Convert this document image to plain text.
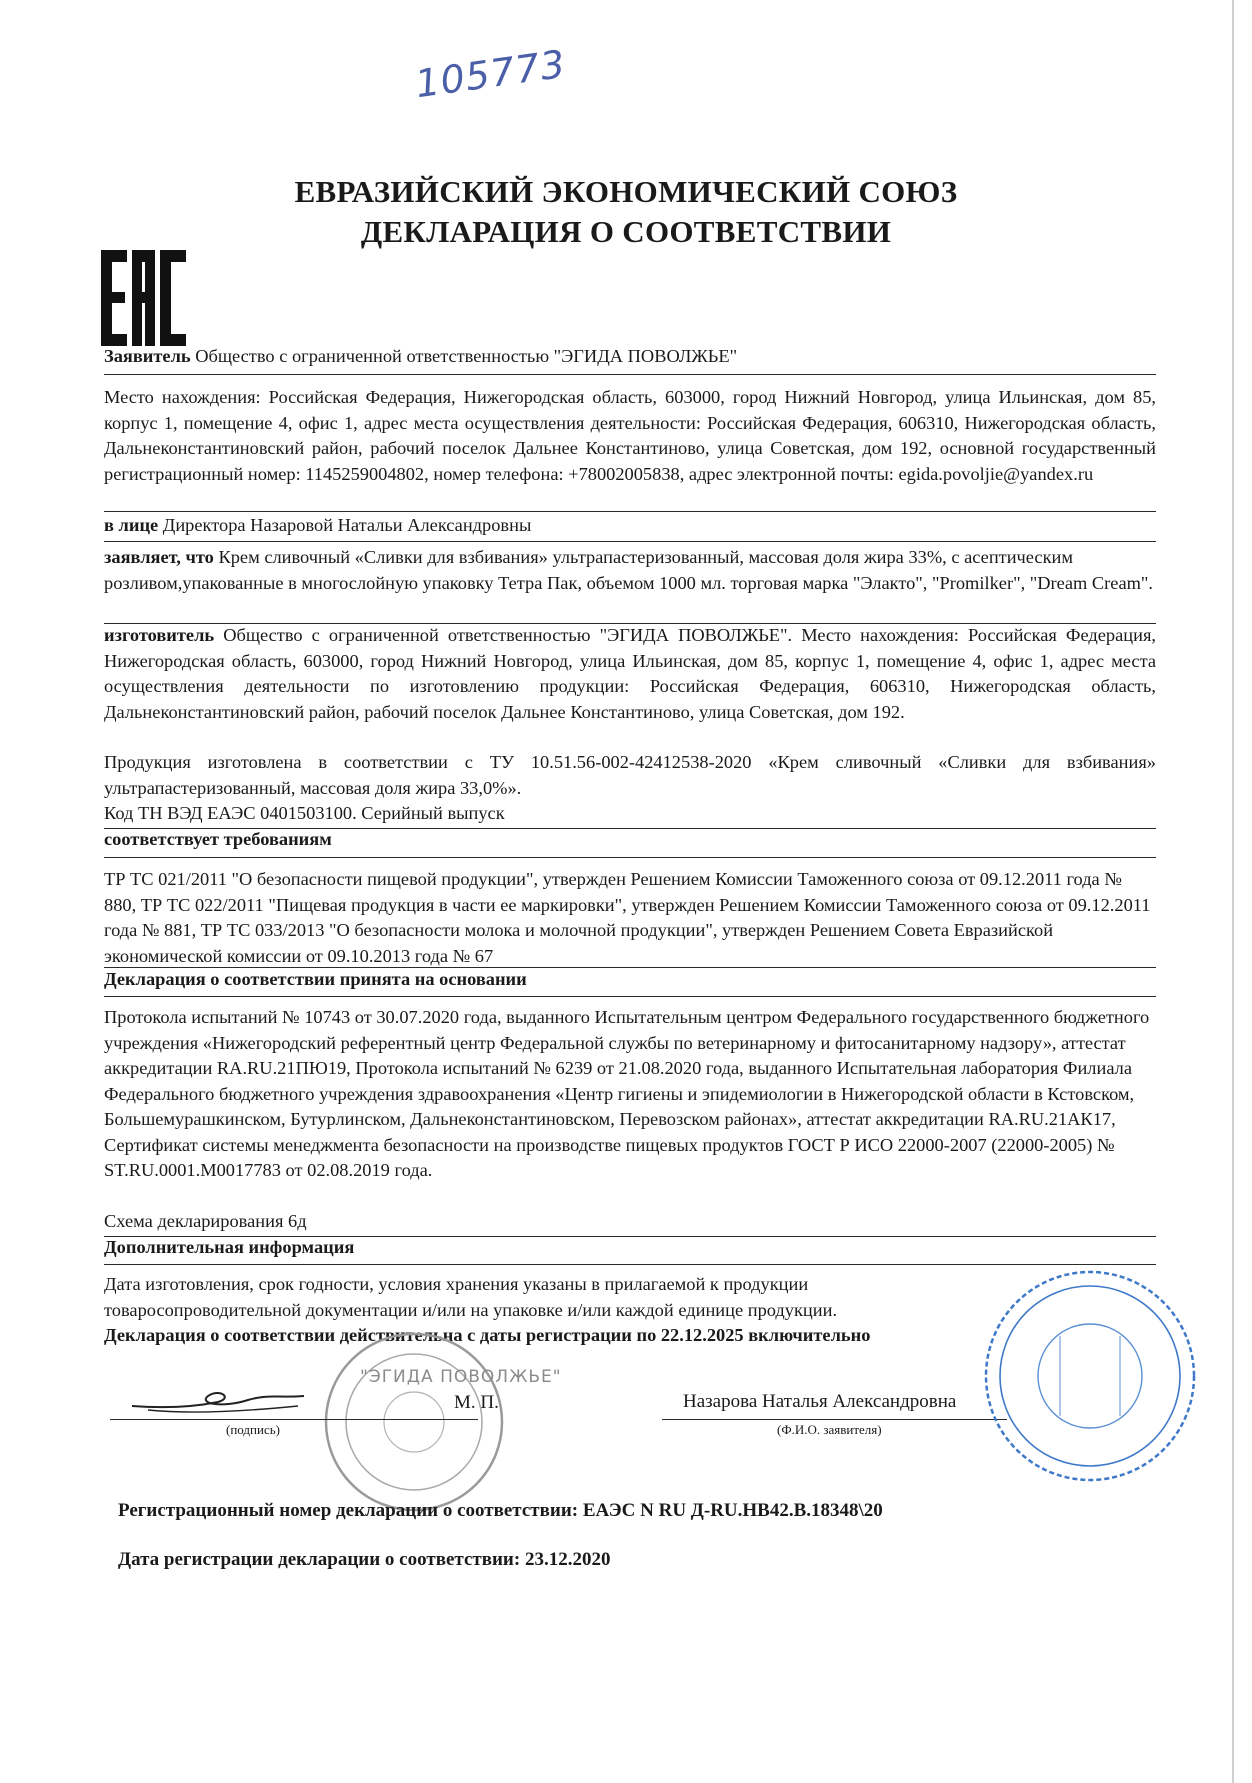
105773
ЕВРАЗИЙСКИЙ ЭКОНОМИЧЕСКИЙ СОЮЗ
ДЕКЛАРАЦИЯ О СООТВЕТСТВИИ
Заявитель Общество с ограниченной ответственностью "ЭГИДА ПОВОЛЖЬЕ"
Место нахождения: Российская Федерация, Нижегородская область, 603000, город Нижний Новгород, улица Ильинская, дом 85, корпус 1, помещение 4, офис 1, адрес места осуществления деятельности: Российская Федерация, 606310, Нижегородская область, Дальнеконстантиновский район, рабочий поселок Дальнее Константиново, улица Советская, дом 192, основной государственный регистрационный номер: 1145259004802, номер телефона: +78002005838, адрес электронной почты: egida.povoljie@yandex.ru
в лице Директора Назаровой Натальи Александровны
заявляет, что Крем сливочный «Сливки для взбивания» ультрапастеризованный, массовая доля жира 33%, с асептическим розливом,упакованные в многослойную упаковку Тетра Пак, объемом 1000 мл. торговая марка "Элакто", "Promilker", "Dream Cream".
изготовитель Общество с ограниченной ответственностью "ЭГИДА ПОВОЛЖЬЕ". Место нахождения: Российская Федерация, Нижегородская область, 603000, город Нижний Новгород, улица Ильинская, дом 85, корпус 1, помещение 4, офис 1, адрес места осуществления деятельности по изготовлению продукции: Российская Федерация, 606310, Нижегородская область, Дальнеконстантиновский район, рабочий поселок Дальнее Константиново, улица Советская, дом 192.
Продукция изготовлена в соответствии с ТУ 10.51.56-002-42412538-2020 «Крем сливочный «Сливки для взбивания» ультрапастеризованный, массовая доля жира 33,0%».
Код ТН ВЭД ЕАЭС 0401503100. Серийный выпуск
соответствует требованиям
ТР ТС 021/2011 "О безопасности пищевой продукции", утвержден Решением Комиссии Таможенного союза от 09.12.2011 года № 880, ТР ТС 022/2011 "Пищевая продукция в части ее маркировки", утвержден Решением Комиссии Таможенного союза от 09.12.2011 года № 881, ТР ТС 033/2013 "О безопасности молока и молочной продукции", утвержден Решением Совета Евразийской экономической комиссии от 09.10.2013 года № 67
Декларация о соответствии принята на основании
Протокола испытаний № 10743 от 30.07.2020 года, выданного Испытательным центром Федерального государственного бюджетного учреждения «Нижегородский референтный центр Федеральной службы по ветеринарному и фитосанитарному надзору», аттестат аккредитации RA.RU.21ПЮ19, Протокола испытаний № 6239 от 21.08.2020 года, выданного Испытательная лаборатория Филиала Федерального бюджетного учреждения здравоохранения «Центр гигиены и эпидемиологии в Нижегородской области в Кстовском, Большемурашкинском, Бутурлинском, Дальнеконстантиновском, Перевозском районах», аттестат аккредитации RA.RU.21АК17, Сертификат системы менеджмента безопасности на производстве пищевых продуктов ГОСТ Р ИСО 22000-2007 (22000-2005) № ST.RU.0001.M0017783 от 02.08.2019 года.
Схема декларирования 6д
Дополнительная информация
Дата изготовления, срок годности, условия хранения указаны в прилагаемой к продукции товаросопроводительной документации и/или на упаковке и/или каждой единице продукции.
Декларация о соответствии действительна с даты регистрации по 22.12.2025 включительно
"ЭГИДА ПОВОЛЖЬЕ"
М. П.	Назарова Наталья Александровна
(подпись)	(Ф.И.О. заявителя)
Регистрационный номер декларации о соответствии: ЕАЭС N RU Д-RU.НВ42.В.18348\20
Дата регистрации декларации о соответствии: 23.12.2020
